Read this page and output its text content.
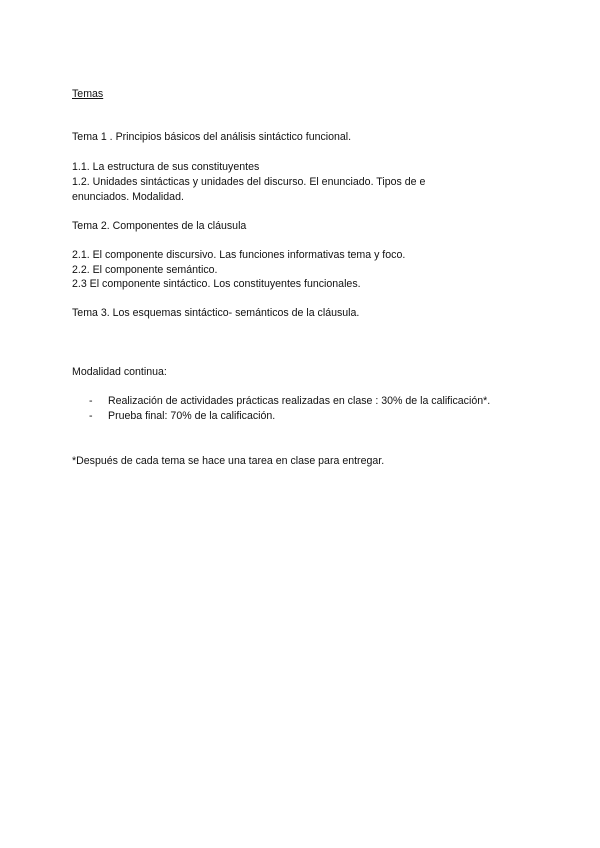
Temas
Tema 1 . Principios básicos del análisis sintáctico funcional.
1.1. La estructura de sus constituyentes
1.2. Unidades sintácticas y unidades del discurso. El enunciado. Tipos de e
enunciados. Modalidad.
Tema 2. Componentes de la cláusula
2.1. El componente discursivo. Las funciones informativas tema y foco.
2.2. El componente semántico.
2.3 El componente sintáctico. Los constituyentes funcionales.
Tema 3. Los esquemas sintáctico- semánticos de la cláusula.
Modalidad continua:
- Realización de actividades prácticas realizadas en clase : 30% de la calificación*.
- Prueba final: 70% de la calificación.
*Después de cada tema se hace una tarea en clase para entregar.
